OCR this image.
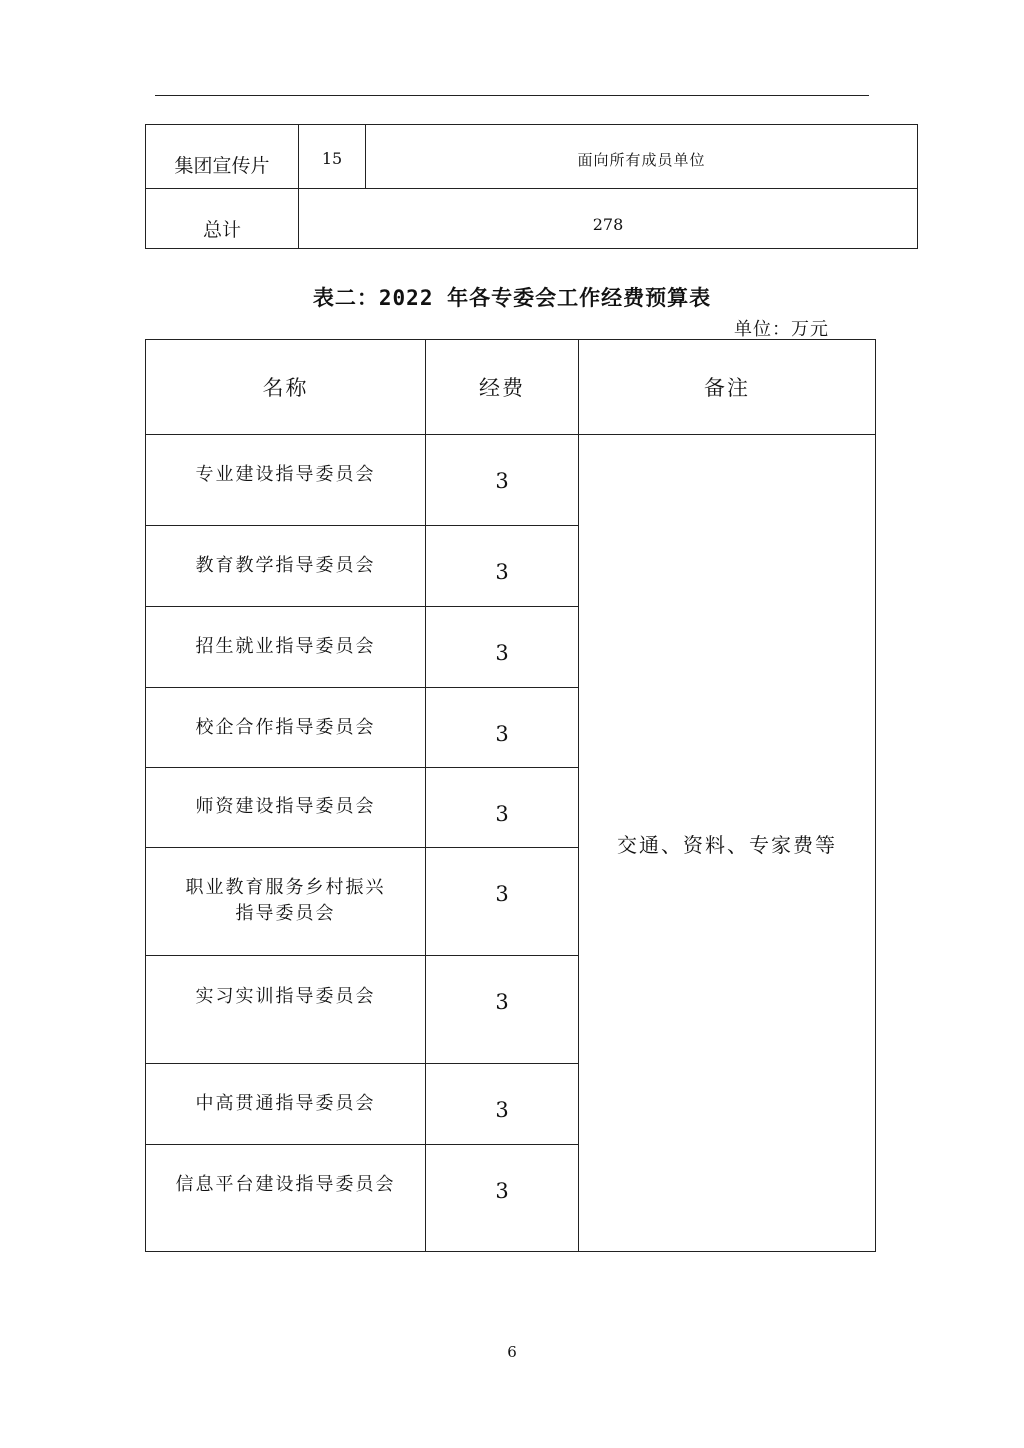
集团宣传片	15	面向所有成员单位
总计	278	
表二：2022 年各专委会工作经费预算表
单位：万元
名称	经费	备注
专业建设指导委员会	3	交通、资料、专家费等
教育教学指导委员会	3	
招生就业指导委员会	3	
校企合作指导委员会	3	
师资建设指导委员会	3	

职业教育服务乡村振兴
指导委员会	3	
实习实训指导委员会	3	
中高贯通指导委员会	3	
信息平台建设指导委员会	3	
6
